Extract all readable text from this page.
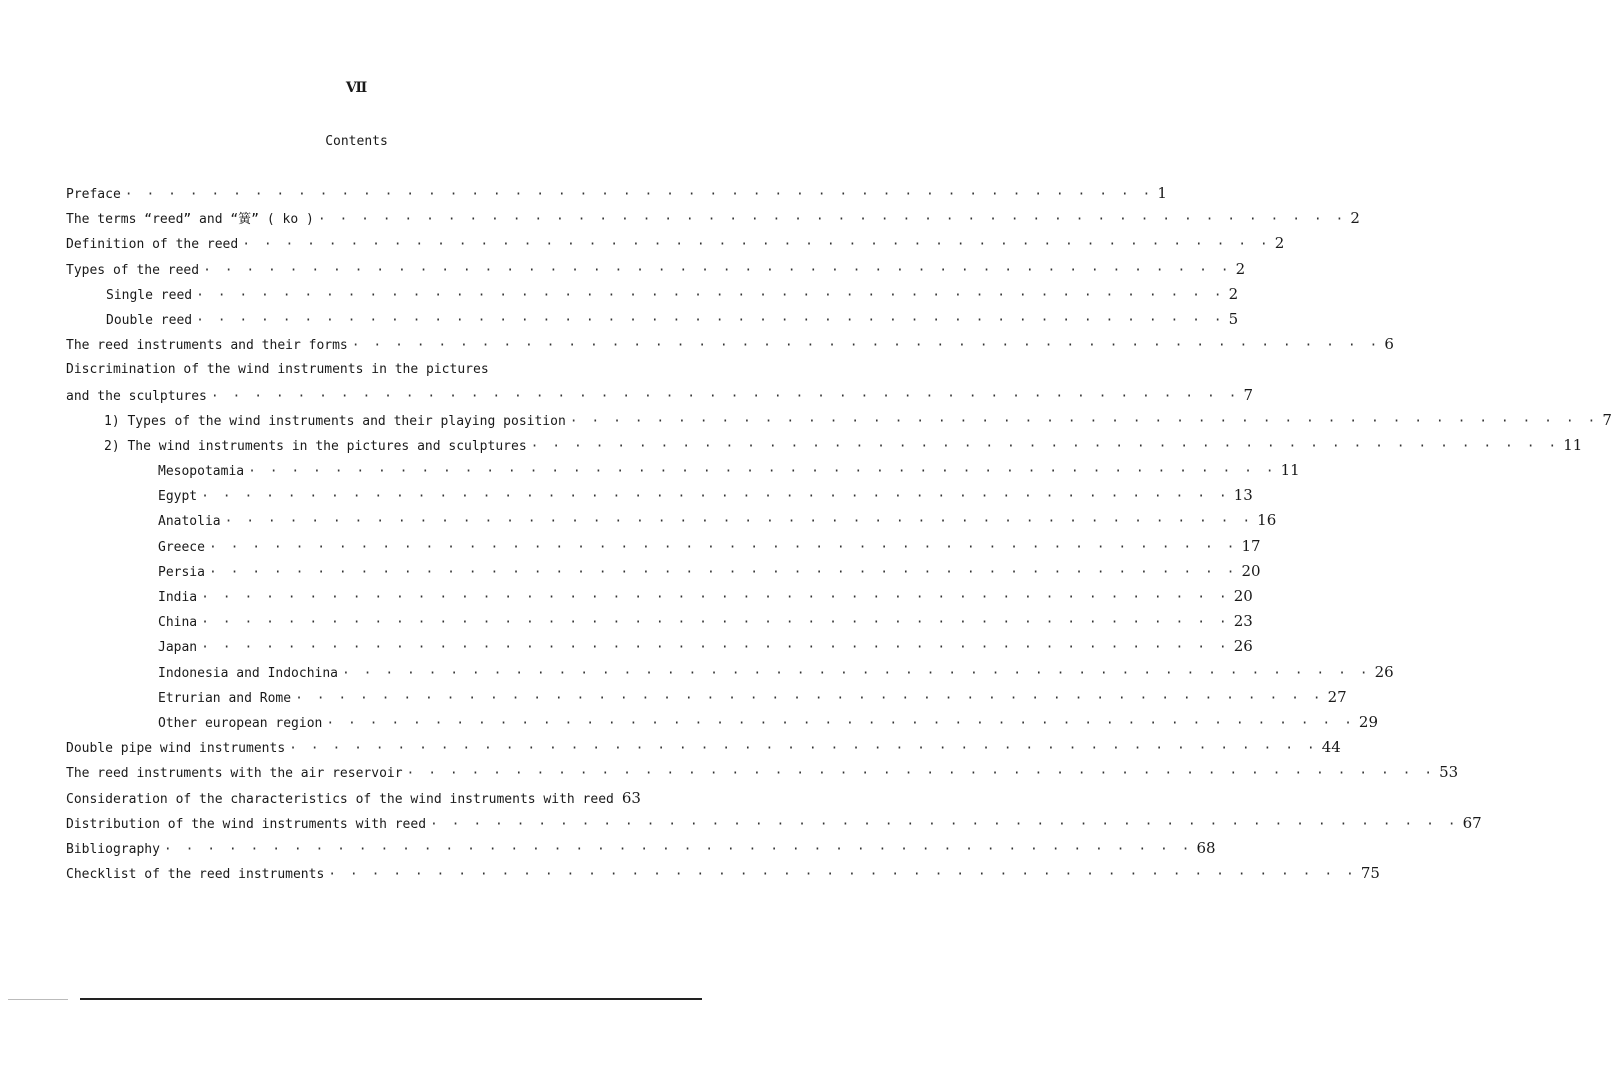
Ⅶ
Contents
Preface · · ·	1
The terms “reed” and “簧” ( ko ) · · ·	2
Definition of the reed · · ·	2
Types of the reed · · ·	2
Single reed · · ·	2
Double reed · · ·	5
The reed instruments and their forms · · ·	6
Discrimination of the wind instruments in the pictures
and the sculptures · · ·	7
1) Types of the wind instruments and their playing position · · ·	7
2) The wind instruments in the pictures and sculptures · · ·	11
Mesopotamia · · ·	11
Egypt · · ·	13
Anatolia · · ·	16
Greece · · ·	17
Persia · · ·	20
India · · ·	20
China · · ·	23
Japan · · ·	26
Indonesia and Indochina · · ·	26
Etrurian and Rome · · ·	27
Other european region · · ·	29
Double pipe wind instruments · · ·	44
The reed instruments with the air reservoir · · ·	53
Consideration of the characteristics of the wind instruments with reed 63
Distribution of the wind instruments with reed · · ·	67
Bibliography · · ·	68
Checklist of the reed instruments · · ·	75
